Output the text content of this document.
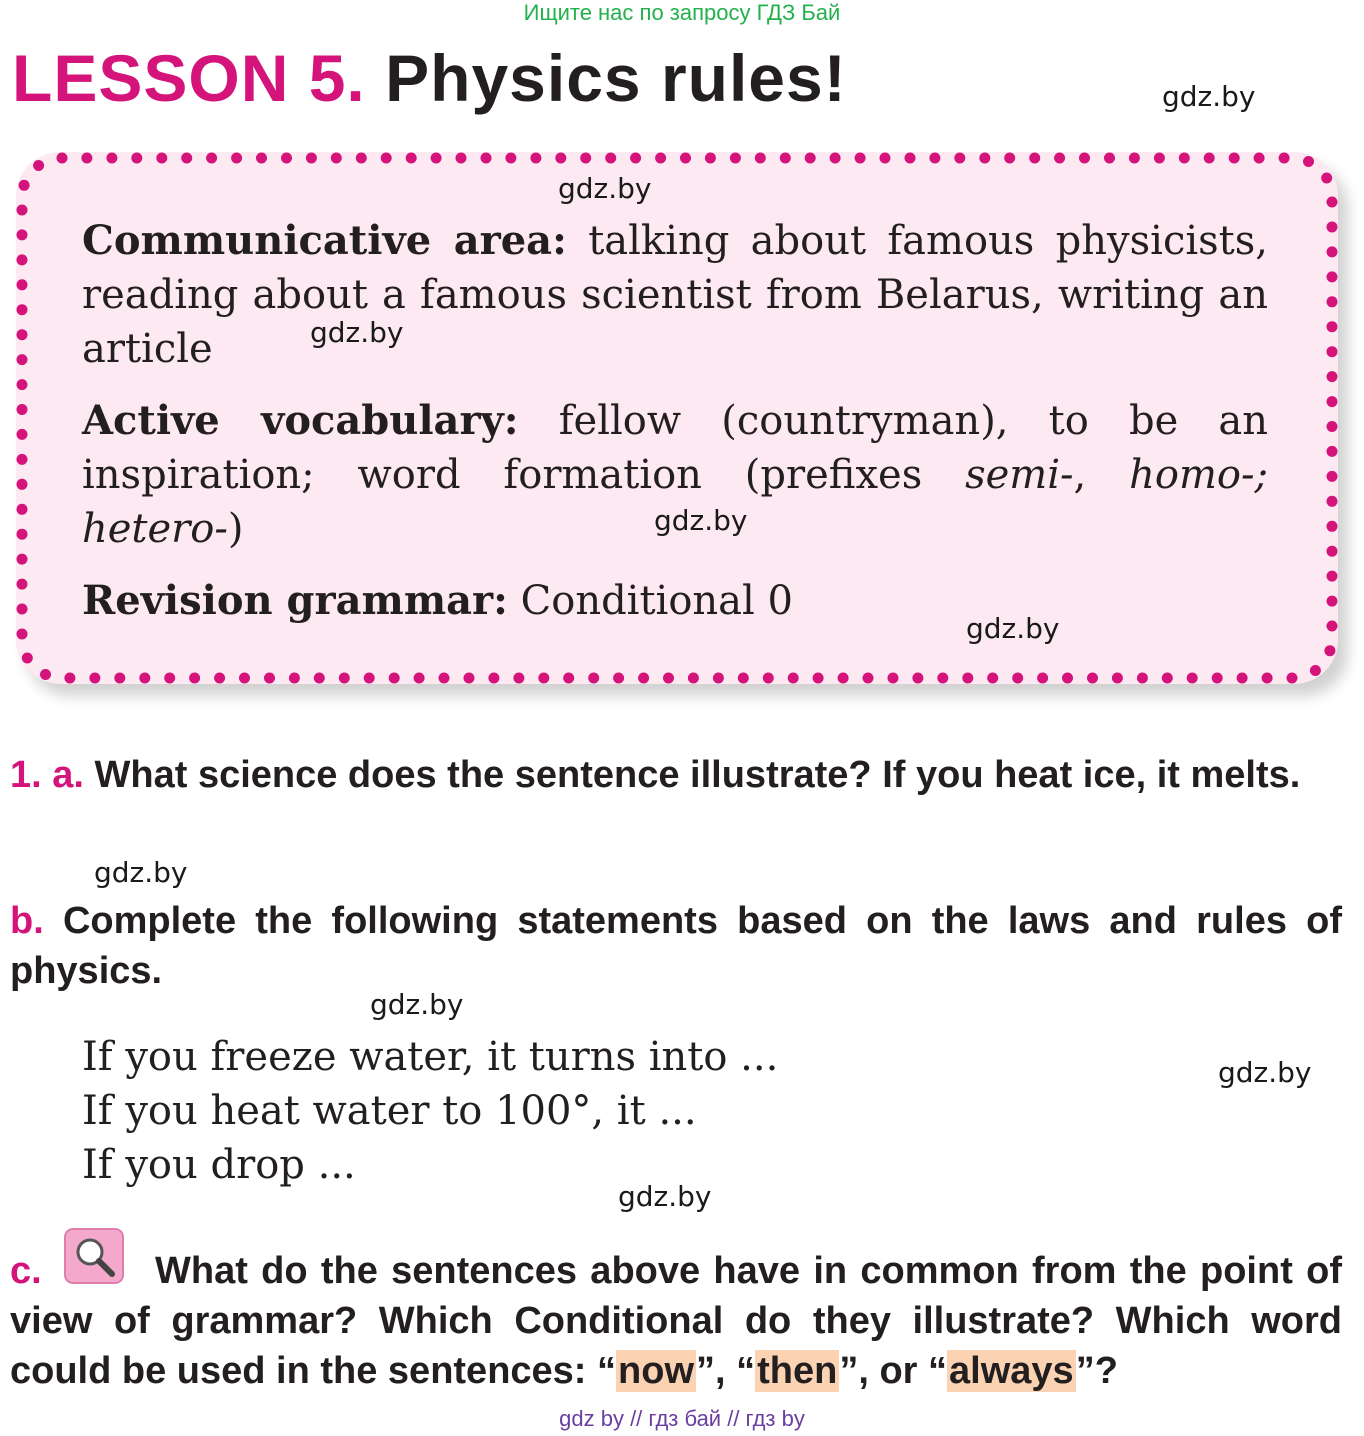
Ищите нас по запросу ГДЗ Бай
LESSON 5. Physics rules!	gdz.by
gdz.by
Communicative area: talking about famous physicists, reading about a famous scientist from Belarus, writing an article	gdz.by
Active vocabulary: fellow (countryman), to be an inspiration; word formation (prefixes semi-, homo-; hetero-)	gdz.by
Revision grammar: Conditional 0
gdz.by
1. a. What science does the sentence illustrate? If you heat ice, it melts.
gdz.by
b. Complete the following statements based on the laws and rules of physics.
gdz.by
If you freeze water, it turns into ...	gdz.by
If you heat water to 100°, it ...
If you drop ...
gdz.by
c.	What do the sentences above have in common from the point of view of grammar? Which Conditional do they illustrate? Which word could be used in the sentences: “now”, “then”, or “always”?
gdz by // гдз бай // гдз by
